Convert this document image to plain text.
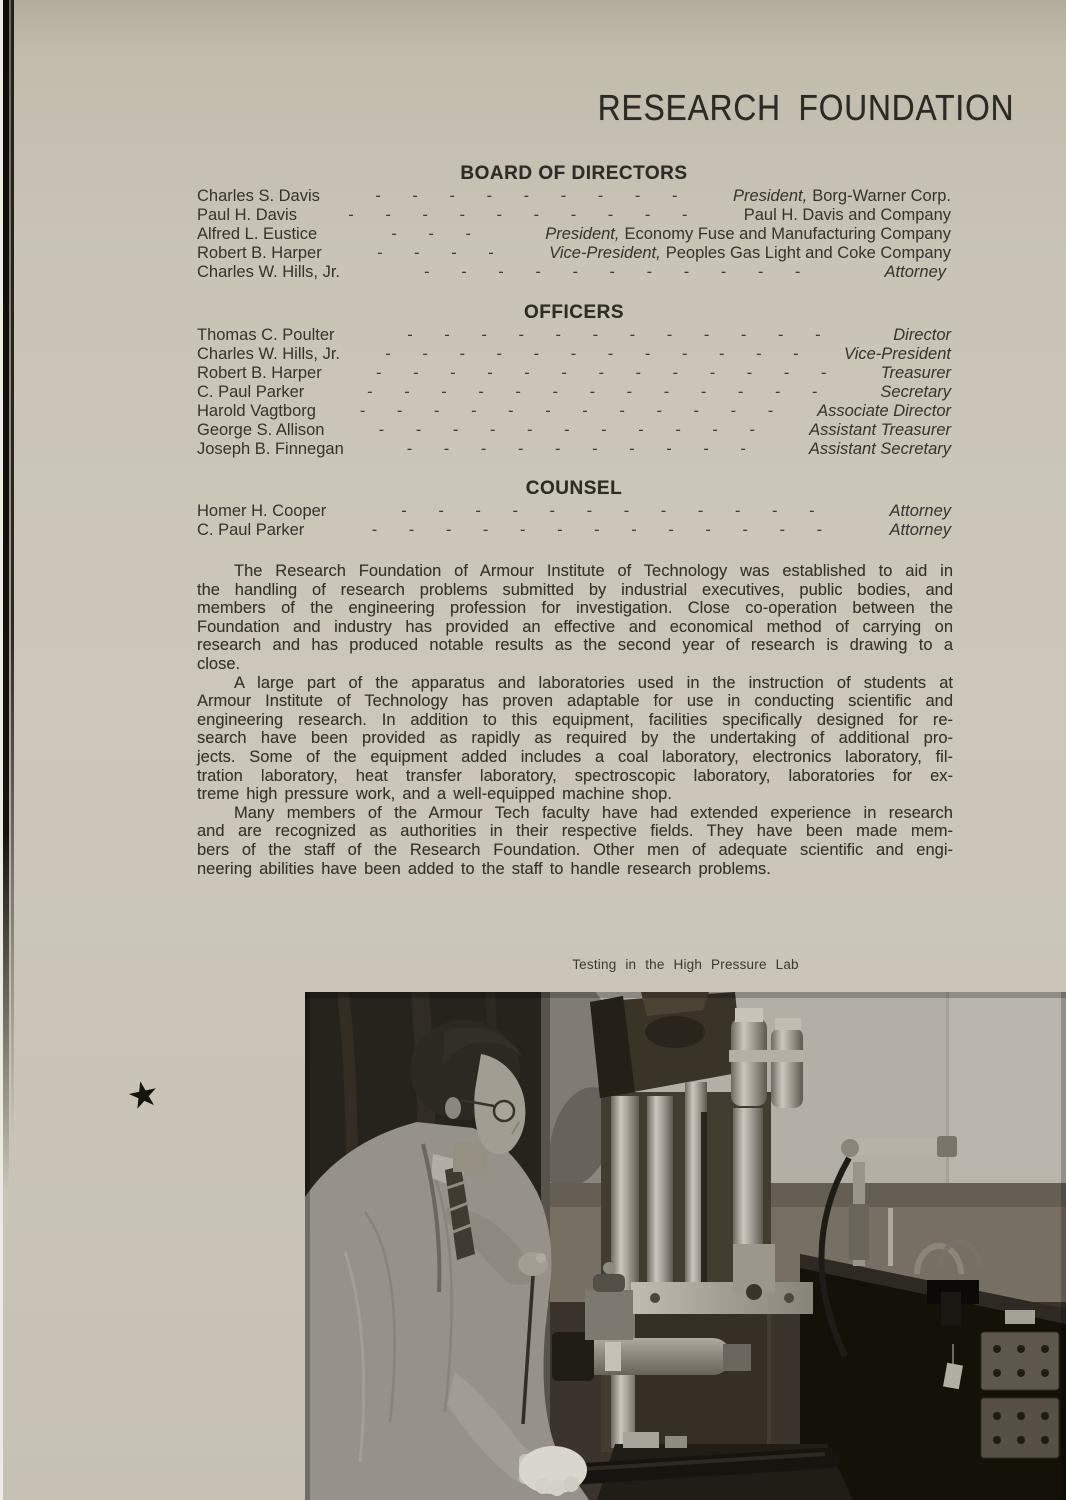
RESEARCH FOUNDATION
BOARD OF DIRECTORS
Charles S. Davis	- - - - - - - - -	President, Borg-Warner Corp.
Paul H. Davis	- - - - - - - - - -	Paul H. Davis and Company
Alfred L. Eustice	- - -	President, Economy Fuse and Manufacturing Company
Robert B. Harper	- - - -	Vice-President, Peoples Gas Light and Coke Company
Charles W. Hills, Jr.	- - - - - - - - - - -	Attorney
OFFICERS
Thomas C. Poulter	- - - - - - - - - - - -	Director
Charles W. Hills, Jr.	- - - - - - - - - - - -	Vice-President
Robert B. Harper	- - - - - - - - - - - - -	Treasurer
C. Paul Parker	- - - - - - - - - - - - -	Secretary
Harold Vagtborg	- - - - - - - - - - - -	Associate Director
George S. Allison	- - - - - - - - - - -	Assistant Treasurer
Joseph B. Finnegan	- - - - - - - - - -	Assistant Secretary
COUNSEL
Homer H. Cooper	- - - - - - - - - - - -	Attorney
C. Paul Parker	- - - - - - - - - - - - -	Attorney
The Research Foundation of Armour Institute of Technology was established to aid in
the handling of research problems submitted by industrial executives, public bodies, and
members of the engineering profession for investigation. Close co-operation between the
Foundation and industry has provided an effective and economical method of carrying on
research and has produced notable results as the second year of research is drawing to a
close.
A large part of the apparatus and laboratories used in the instruction of students at
Armour Institute of Technology has proven adaptable for use in conducting scientific and
engineering research. In addition to this equipment, facilities specifically designed for re-
search have been provided as rapidly as required by the undertaking of additional pro-
jects. Some of the equipment added includes a coal laboratory, electronics laboratory, fil-
tration laboratory, heat transfer laboratory, spectroscopic laboratory, laboratories for ex-
treme high pressure work, and a well-equipped machine shop.
Many members of the Armour Tech faculty have had extended experience in research
and are recognized as authorities in their respective fields. They have been made mem-
bers of the staff of the Research Foundation. Other men of adequate scientific and engi-
neering abilities have been added to the staff to handle research problems.
Testing in the High Pressure Lab
★
